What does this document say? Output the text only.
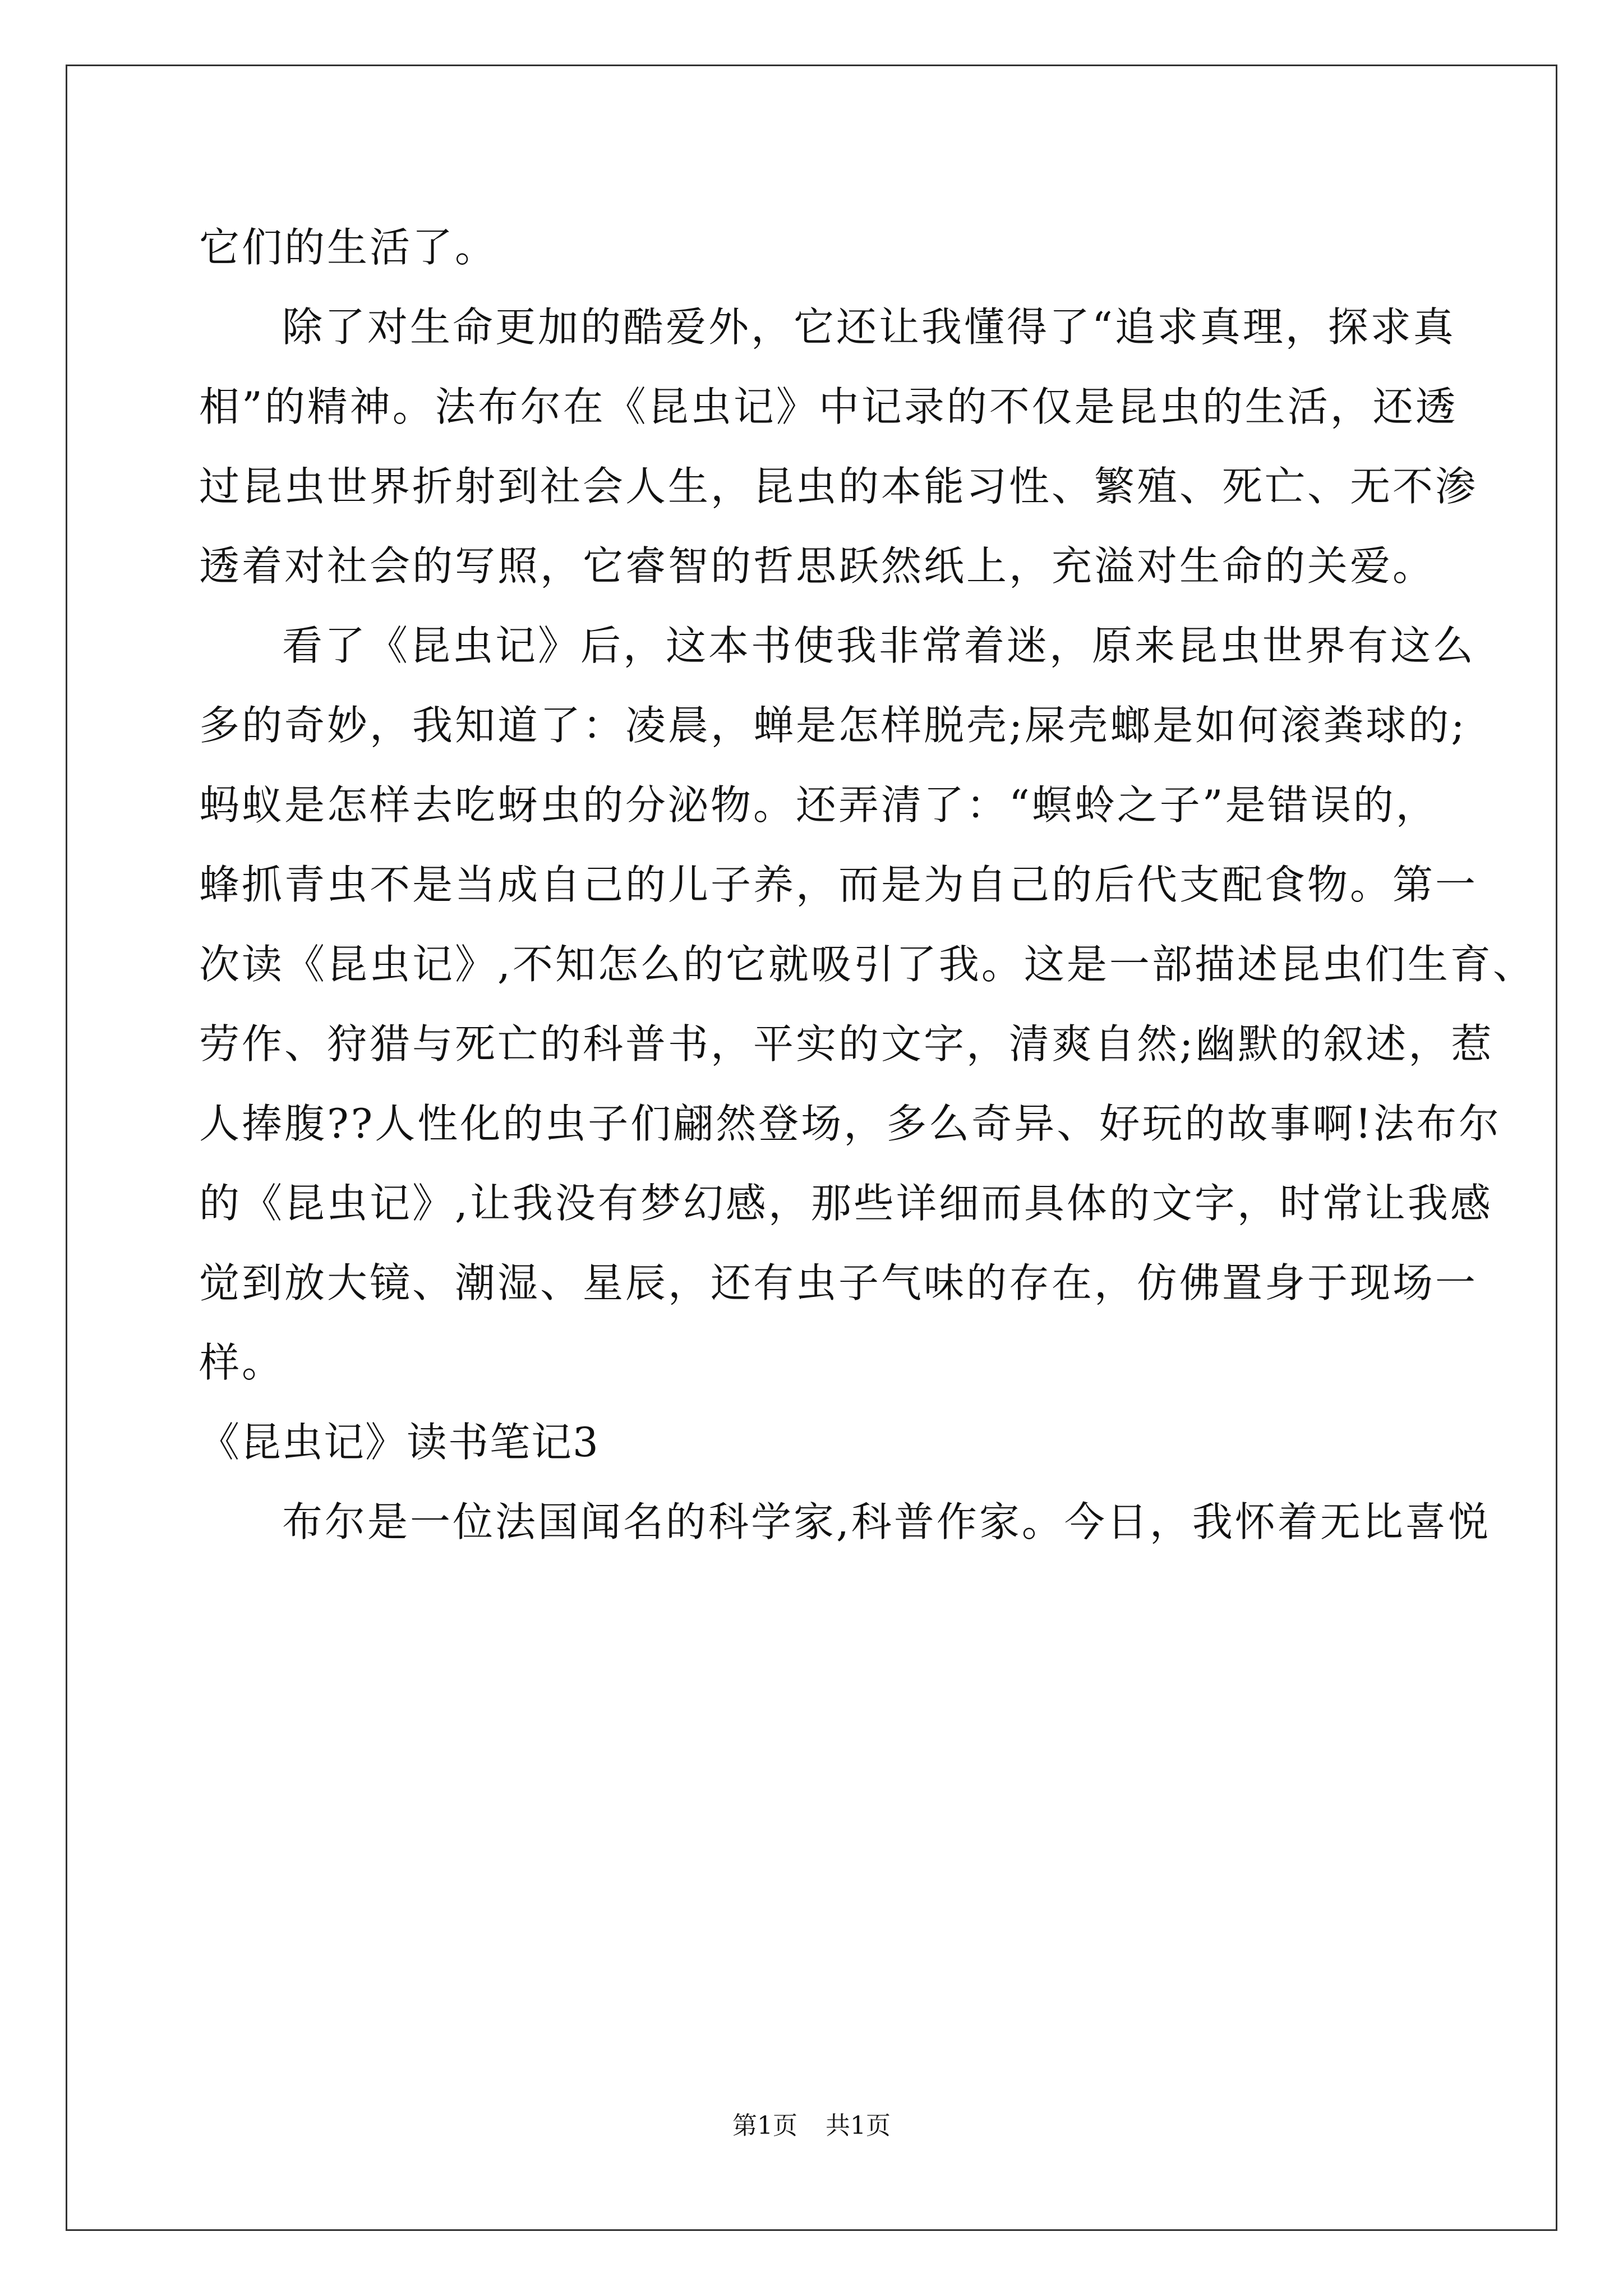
它们的生活了。
除了对生命更加的酷爱外，它还让我懂得了“追求真理，探求真
相”的精神。法布尔在《昆虫记》中记录的不仅是昆虫的生活，还透
过昆虫世界折射到社会人生，昆虫的本能习性、繁殖、死亡、无不渗
透着对社会的写照，它睿智的哲思跃然纸上，充溢对生命的关爱。
看了《昆虫记》后，这本书使我非常着迷，原来昆虫世界有这么
多的奇妙，我知道了：凌晨，蝉是怎样脱壳;屎壳螂是如何滚粪球的;
蚂蚁是怎样去吃蚜虫的分泌物。还弄清了：“螟蛉之子”是错误的，
蜂抓青虫不是当成自己的儿子养，而是为自己的后代支配食物。第一
次读《昆虫记》,不知怎么的它就吸引了我。这是一部描述昆虫们生育、
劳作、狩猎与死亡的科普书，平实的文字，清爽自然;幽默的叙述，惹
人捧腹??人性化的虫子们翩然登场，多么奇异、好玩的故事啊!法布尔
的《昆虫记》,让我没有梦幻感，那些详细而具体的文字，时常让我感
觉到放大镜、潮湿、星辰，还有虫子气味的存在，仿佛置身于现场一
样。
《昆虫记》读书笔记3
布尔是一位法国闻名的科学家,科普作家。今日，我怀着无比喜悦
第1页 共1页
